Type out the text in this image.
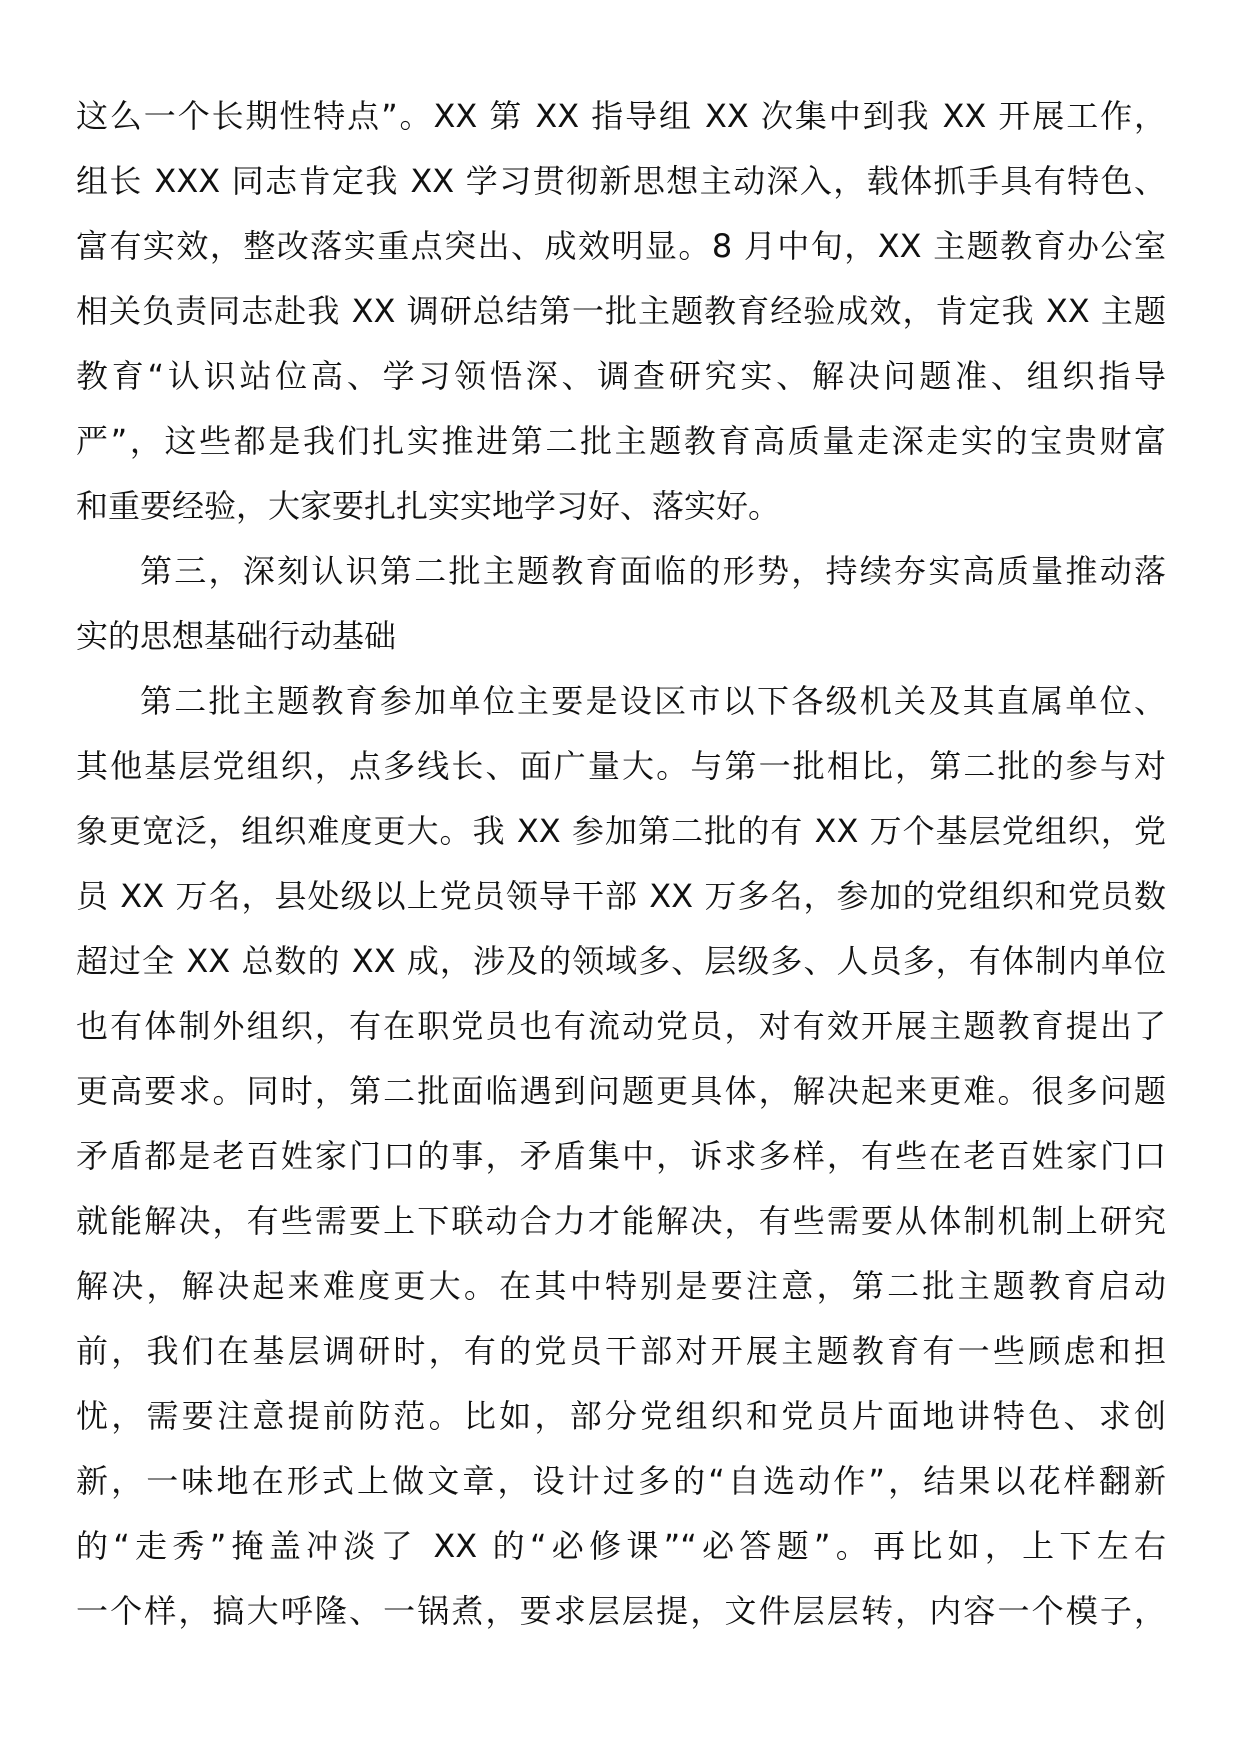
这么一个长期性特点”。XX 第 XX 指导组 XX 次集中到我 XX 开展工作，
组长 XXX 同志肯定我 XX 学习贯彻新思想主动深入，载体抓手具有特色、
富有实效，整改落实重点突出、成效明显。8 月中旬，XX 主题教育办公室
相关负责同志赴我 XX 调研总结第一批主题教育经验成效，肯定我 XX 主题
教育“认识站位高、学习领悟深、调查研究实、解决问题准、组织指导
严”，这些都是我们扎实推进第二批主题教育高质量走深走实的宝贵财富
和重要经验，大家要扎扎实实地学习好、落实好。
第三，深刻认识第二批主题教育面临的形势，持续夯实高质量推动落
实的思想基础行动基础
第二批主题教育参加单位主要是设区市以下各级机关及其直属单位、
其他基层党组织，点多线长、面广量大。与第一批相比，第二批的参与对
象更宽泛，组织难度更大。我 XX 参加第二批的有 XX 万个基层党组织，党
员 XX 万名，县处级以上党员领导干部 XX 万多名，参加的党组织和党员数
超过全 XX 总数的 XX 成，涉及的领域多、层级多、人员多，有体制内单位
也有体制外组织，有在职党员也有流动党员，对有效开展主题教育提出了
更高要求。同时，第二批面临遇到问题更具体，解决起来更难。很多问题
矛盾都是老百姓家门口的事，矛盾集中，诉求多样，有些在老百姓家门口
就能解决，有些需要上下联动合力才能解决，有些需要从体制机制上研究
解决，解决起来难度更大。在其中特别是要注意，第二批主题教育启动
前，我们在基层调研时，有的党员干部对开展主题教育有一些顾虑和担
忧，需要注意提前防范。比如，部分党组织和党员片面地讲特色、求创
新，一味地在形式上做文章，设计过多的“自选动作”，结果以花样翻新
的“走秀”掩盖冲淡了 XX 的“必修课”“必答题”。再比如，上下左右
一个样，搞大呼隆、一锅煮，要求层层提，文件层层转，内容一个模子，
